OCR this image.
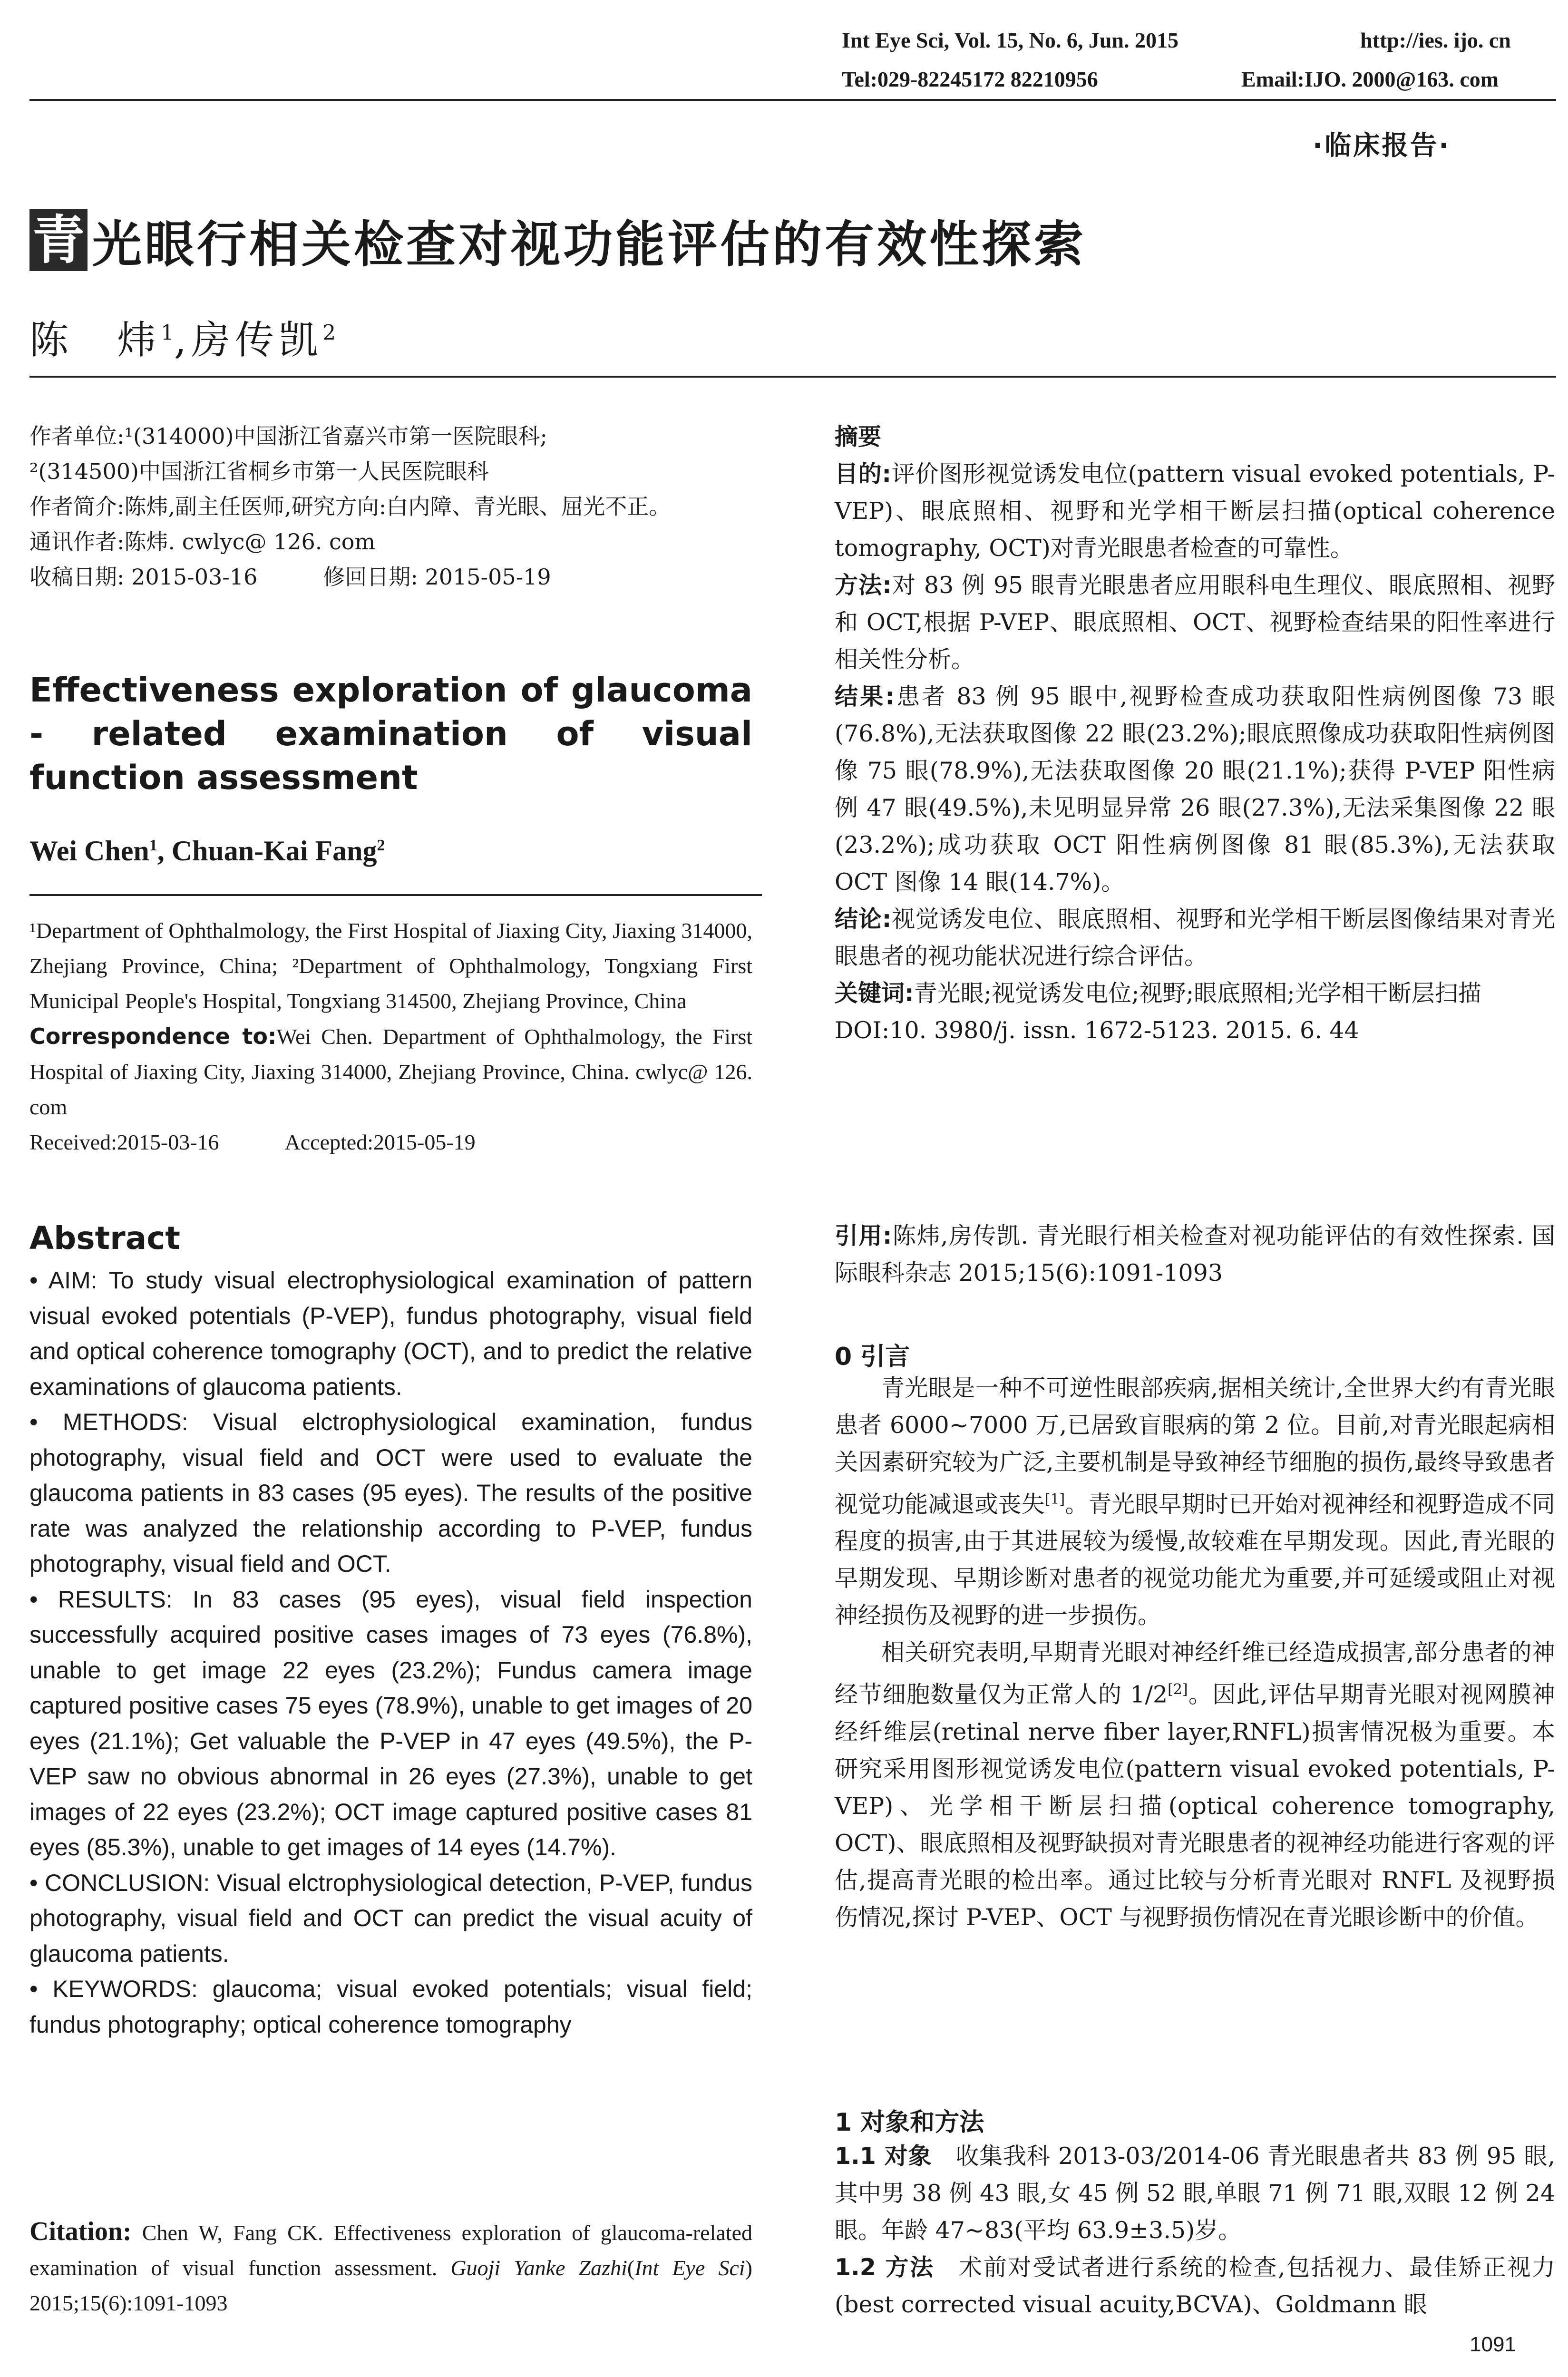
Int Eye Sci, Vol. 15, No. 6, Jun. 2015	http://ies. ijo. cn
Tel:029-82245172 82210956	Email:IJO. 2000@163. com
·临床报告·
青 光眼行相关检查对视功能评估的有效性探索
陈　炜$^1$,房传凯$^2$

作者单位:¹(314000)中国浙江省嘉兴市第一医院眼科;

²(314500)中国浙江省桐乡市第一人民医院眼科

作者简介:陈炜,副主任医师,研究方向:白内障、青光眼、屈光不正。

通讯作者:陈炜. cwlyc@ 126. com

收稿日期: 2015-03-16　　　修回日期: 2015-05-19

Effectiveness exploration of glaucoma - related examination of visual function assessment
Wei Chen$^1$, Chuan-Kai Fang$^2$

¹Department of Ophthalmology, the First Hospital of Jiaxing City, Jiaxing 314000, Zhejiang Province, China; ²Department of Ophthalmology, Tongxiang First Municipal People's Hospital, Tongxiang 314500, Zhejiang Province, China

Correspondence to:Wei Chen. Department of Ophthalmology, the First Hospital of Jiaxing City, Jiaxing 314000, Zhejiang Province, China. cwlyc@ 126. com

Received:2015-03-16　　　Accepted:2015-05-19

Abstract

• AIM: To study visual electrophysiological examination of pattern visual evoked potentials (P-VEP), fundus photography, visual field and optical coherence tomography (OCT), and to predict the relative examinations of glaucoma patients.

• METHODS: Visual elctrophysiological examination, fundus photography, visual field and OCT were used to evaluate the glaucoma patients in 83 cases (95 eyes). The results of the positive rate was analyzed the relationship according to P-VEP, fundus photography, visual field and OCT.

• RESULTS: In 83 cases (95 eyes), visual field inspection successfully acquired positive cases images of 73 eyes (76.8%), unable to get image 22 eyes (23.2%); Fundus camera image captured positive cases 75 eyes (78.9%), unable to get images of 20 eyes (21.1%); Get valuable the P-VEP in 47 eyes (49.5%), the P-VEP saw no obvious abnormal in 26 eyes (27.3%), unable to get images of 22 eyes (23.2%); OCT image captured positive cases 81 eyes (85.3%), unable to get images of 14 eyes (14.7%).

• CONCLUSION: Visual elctrophysiological detection, P-VEP, fundus photography, visual field and OCT can predict the visual acuity of glaucoma patients.

• KEYWORDS: glaucoma; visual evoked potentials; visual field; fundus photography; optical coherence tomography

Citation: Chen W, Fang CK. Effectiveness exploration of glaucoma-related examination of visual function assessment. Guoji Yanke Zazhi(Int Eye Sci) 2015;15(6):1091-1093

摘要

目的:评价图形视觉诱发电位(pattern visual evoked potentials, P-VEP)、眼底照相、视野和光学相干断层扫描(optical coherence tomography, OCT)对青光眼患者检查的可靠性。

方法:对 83 例 95 眼青光眼患者应用眼科电生理仪、眼底照相、视野和 OCT,根据 P-VEP、眼底照相、OCT、视野检查结果的阳性率进行相关性分析。

结果:患者 83 例 95 眼中,视野检查成功获取阳性病例图像 73 眼(76.8%),无法获取图像 22 眼(23.2%);眼底照像成功获取阳性病例图像 75 眼(78.9%),无法获取图像 20 眼(21.1%);获得 P-VEP 阳性病例 47 眼(49.5%),未见明显异常 26 眼(27.3%),无法采集图像 22 眼(23.2%);成功获取 OCT 阳性病例图像 81 眼(85.3%),无法获取 OCT 图像 14 眼(14.7%)。

结论:视觉诱发电位、眼底照相、视野和光学相干断层图像结果对青光眼患者的视功能状况进行综合评估。

关键词:青光眼;视觉诱发电位;视野;眼底照相;光学相干断层扫描

DOI:10. 3980/j. issn. 1672-5123. 2015. 6. 44

引用:陈炜,房传凯. 青光眼行相关检查对视功能评估的有效性探索. 国际眼科杂志 2015;15(6):1091-1093

0 引言

青光眼是一种不可逆性眼部疾病,据相关统计,全世界大约有青光眼患者 6000~7000 万,已居致盲眼病的第 2 位。目前,对青光眼起病相关因素研究较为广泛,主要机制是导致神经节细胞的损伤,最终导致患者视觉功能减退或丧失[1]。青光眼早期时已开始对视神经和视野造成不同程度的损害,由于其进展较为缓慢,故较难在早期发现。因此,青光眼的早期发现、早期诊断对患者的视觉功能尤为重要,并可延缓或阻止对视神经损伤及视野的进一步损伤。

相关研究表明,早期青光眼对神经纤维已经造成损害,部分患者的神经节细胞数量仅为正常人的 1/2[2]。因此,评估早期青光眼对视网膜神经纤维层(retinal nerve fiber layer,RNFL)损害情况极为重要。本研究采用图形视觉诱发电位(pattern visual evoked potentials, P-VEP)、光学相干断层扫描(optical coherence tomography, OCT)、眼底照相及视野缺损对青光眼患者的视神经功能进行客观的评估,提高青光眼的检出率。通过比较与分析青光眼对 RNFL 及视野损伤情况,探讨 P-VEP、OCT 与视野损伤情况在青光眼诊断中的价值。

1 对象和方法

1.1 对象　收集我科 2013-03/2014-06 青光眼患者共 83 例 95 眼,其中男 38 例 43 眼,女 45 例 52 眼,单眼 71 例 71 眼,双眼 12 例 24 眼。年龄 47~83(平均 63.9±3.5)岁。

1.2 方法　术前对受试者进行系统的检查,包括视力、最佳矫正视力(best corrected visual acuity,BCVA)、Goldmann 眼

1091
